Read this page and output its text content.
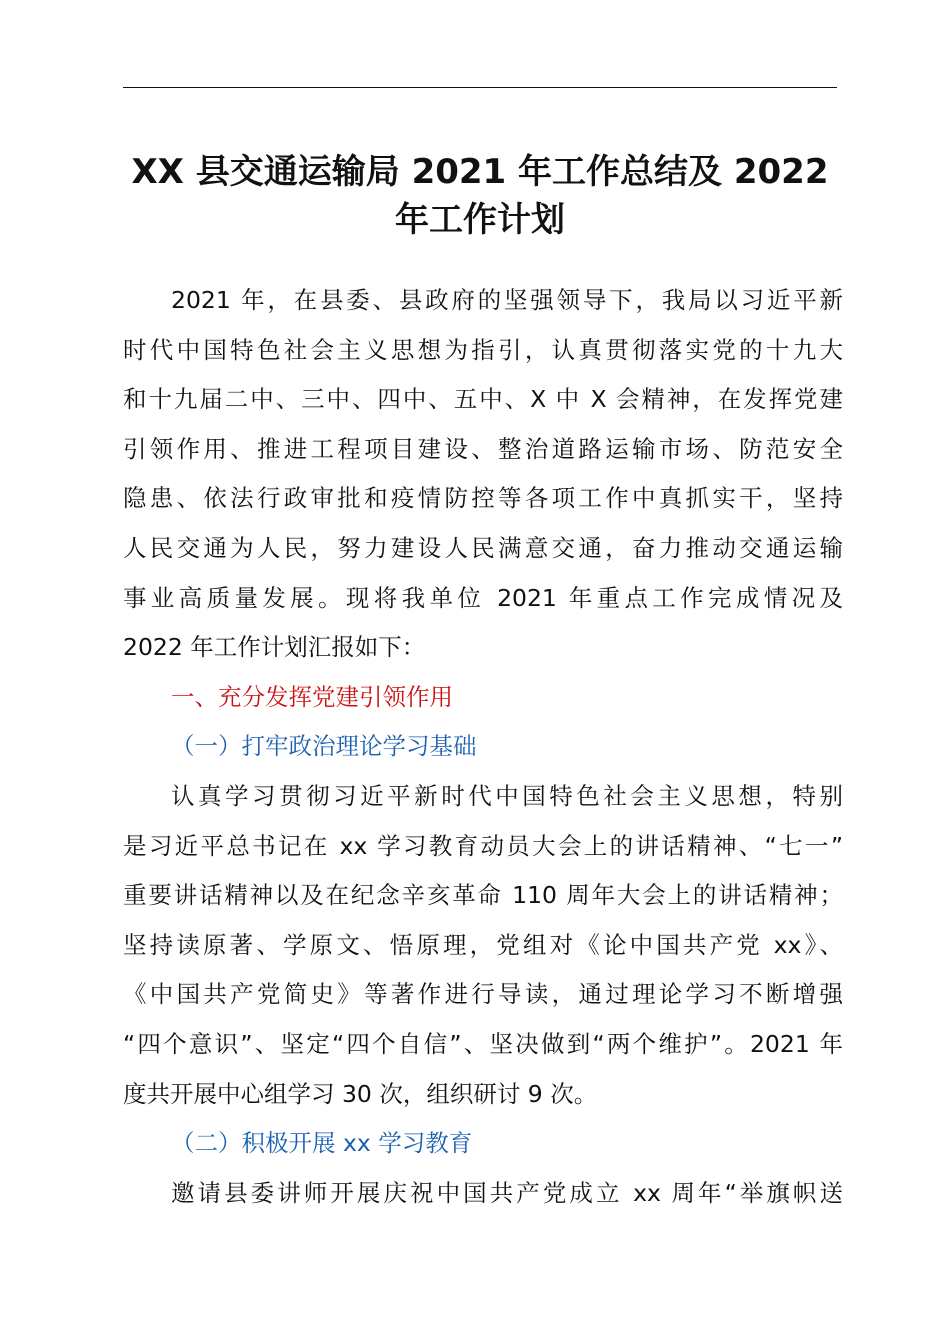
XX 县交通运输局 2021 年工作总结及 2022
年工作计划

2021 年，在县委、县政府的坚强领导下，我局以习近平新
时代中国特色社会主义思想为指引，认真贯彻落实党的十九大
和十九届二中、三中、四中、五中、X 中 X 会精神，在发挥党建
引领作用、推进工程项目建设、整治道路运输市场、防范安全
隐患、依法行政审批和疫情防控等各项工作中真抓实干，坚持
人民交通为人民，努力建设人民满意交通，奋力推动交通运输
事业高质量发展。现将我单位 2021 年重点工作完成情况及
2022 年工作计划汇报如下：

一、充分发挥党建引领作用

（一）打牢政治理论学习基础

认真学习贯彻习近平新时代中国特色社会主义思想，特别
是习近平总书记在 xx 学习教育动员大会上的讲话精神、“七一”
重要讲话精神以及在纪念辛亥革命 110 周年大会上的讲话精神；
坚持读原著、学原文、悟原理，党组对《论中国共产党 xx》、
《中国共产党简史》等著作进行导读，通过理论学习不断增强
“四个意识”、坚定“四个自信”、坚决做到“两个维护”。2021 年
度共开展中心组学习 30 次，组织研讨 9 次。

（二）积极开展 xx 学习教育

邀请县委讲师开展庆祝中国共产党成立 xx 周年“举旗帜送
